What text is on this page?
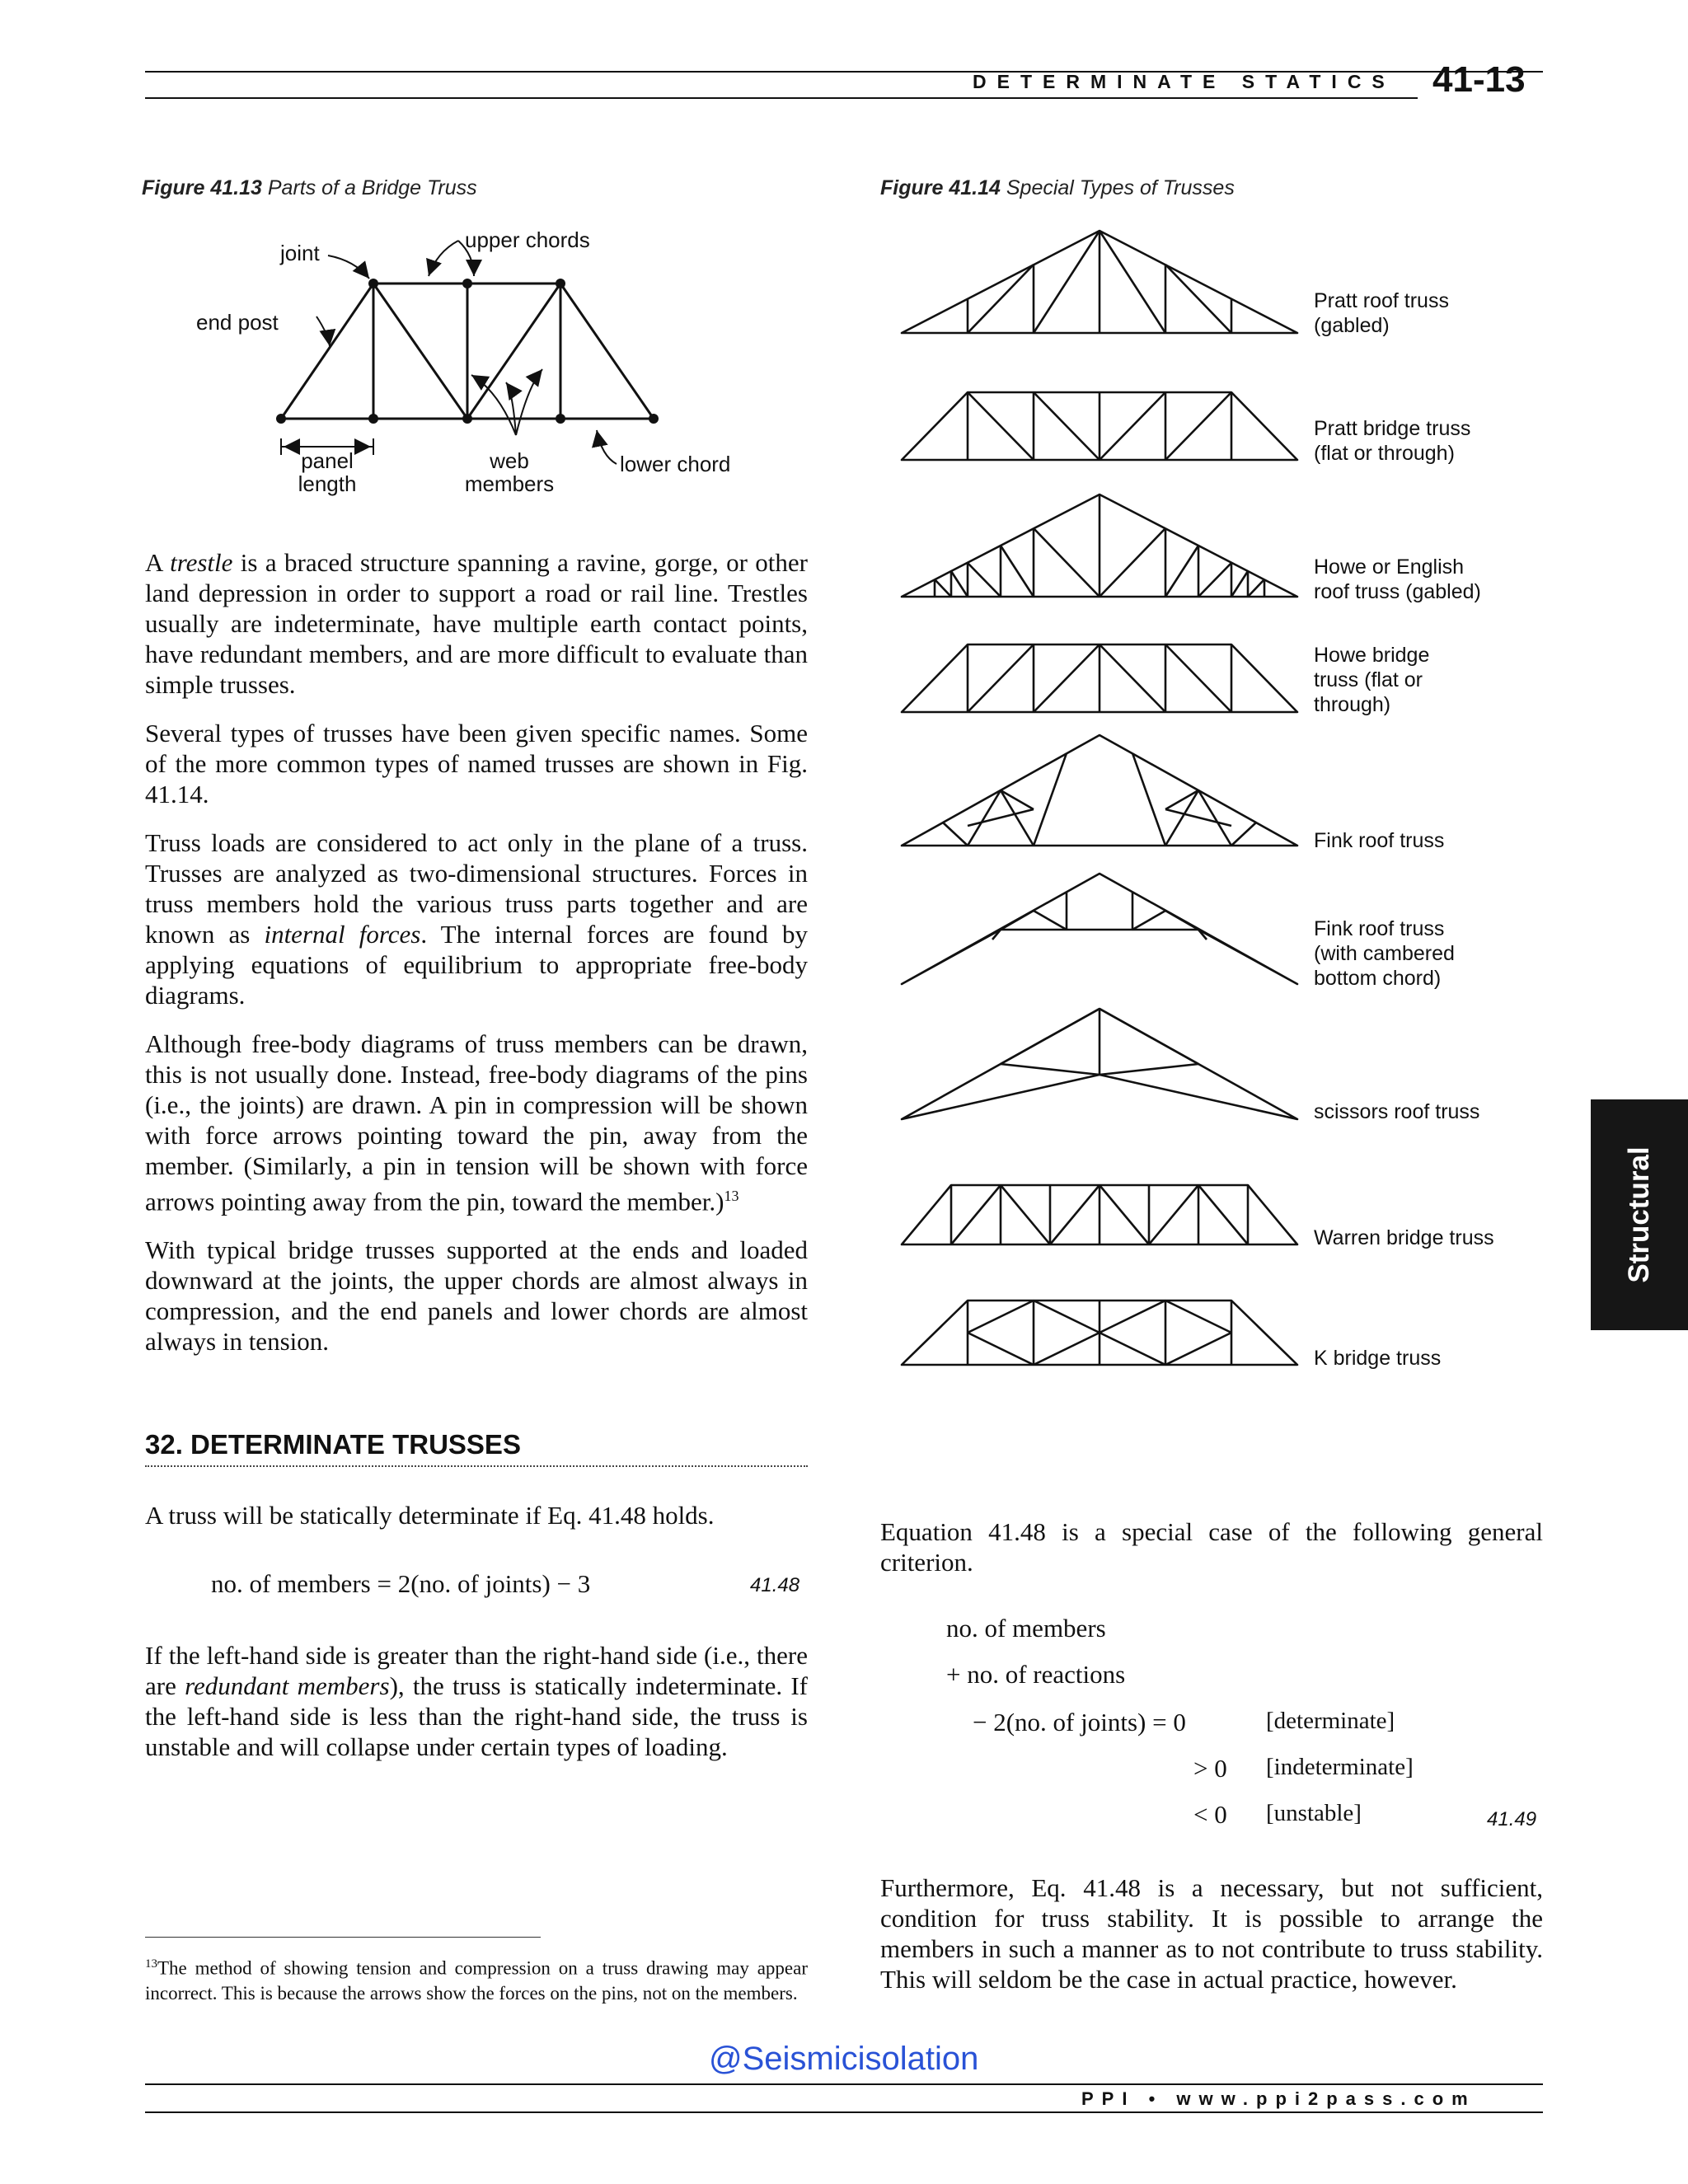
DETERMINATE STATICS 41-13
Figure 41.13 Parts of a Bridge Truss
joint
upper chords
end post
panel
length
web
members
lower chord
Figure 41.14 Special Types of Trusses
Pratt roof truss
(gabled)
Pratt bridge truss
(flat or through)
Howe or English
roof truss (gabled)
Howe bridge
truss (flat or
through)
Fink roof truss
Fink roof truss
(with cambered
bottom chord)
scissors roof truss
Warren bridge truss
K bridge truss

A trestle is a braced structure spanning a ravine, gorge, or other land depression in order to support a road or rail line. Trestles usually are indeterminate, have multiple earth contact points, have redundant members, and are more difficult to evaluate than simple trusses.

Several types of trusses have been given specific names. Some of the more common types of named trusses are shown in Fig. 41.14.

Truss loads are considered to act only in the plane of a truss. Trusses are analyzed as two-dimensional structures. Forces in truss members hold the various truss parts together and are known as internal forces. The internal forces are found by applying equations of equilibrium to appropriate free-body diagrams.

Although free-body diagrams of truss members can be drawn, this is not usually done. Instead, free-body diagrams of the pins (i.e., the joints) are drawn. A pin in compression will be shown with force arrows pointing toward the pin, away from the member. (Similarly, a pin in tension will be shown with force arrows pointing away from the pin, toward the member.)$^{13}$

With typical bridge trusses supported at the ends and loaded downward at the joints, the upper chords are almost always in compression, and the end panels and lower chords are almost always in tension.

32. DETERMINATE TRUSSES
A truss will be statically determinate if Eq. 41.48 holds.
no. of members = 2(no. of joints) − 3	41.48

If the left-hand side is greater than the right-hand side (i.e., there are redundant members), the truss is statically indeterminate. If the left-hand side is less than the right-hand side, the truss is unstable and will collapse under certain types of loading.

$^{13}$The method of showing tension and compression on a truss drawing may appear incorrect. This is because the arrows show the forces on the pins, not on the members.
Equation 41.48 is a special case of the following general criterion.
no. of members
+ no. of reactions
− 2(no. of joints) = 0	[determinate]
> 0 [indeterminate]
< 0 [unstable]	41.49
Furthermore, Eq. 41.48 is a necessary, but not sufficient, condition for truss stability. It is possible to arrange the members in such a manner as to not contribute to truss stability. This will seldom be the case in actual practice, however.
Structural
@Seismicisolation
PPI • www.ppi2pass.com
